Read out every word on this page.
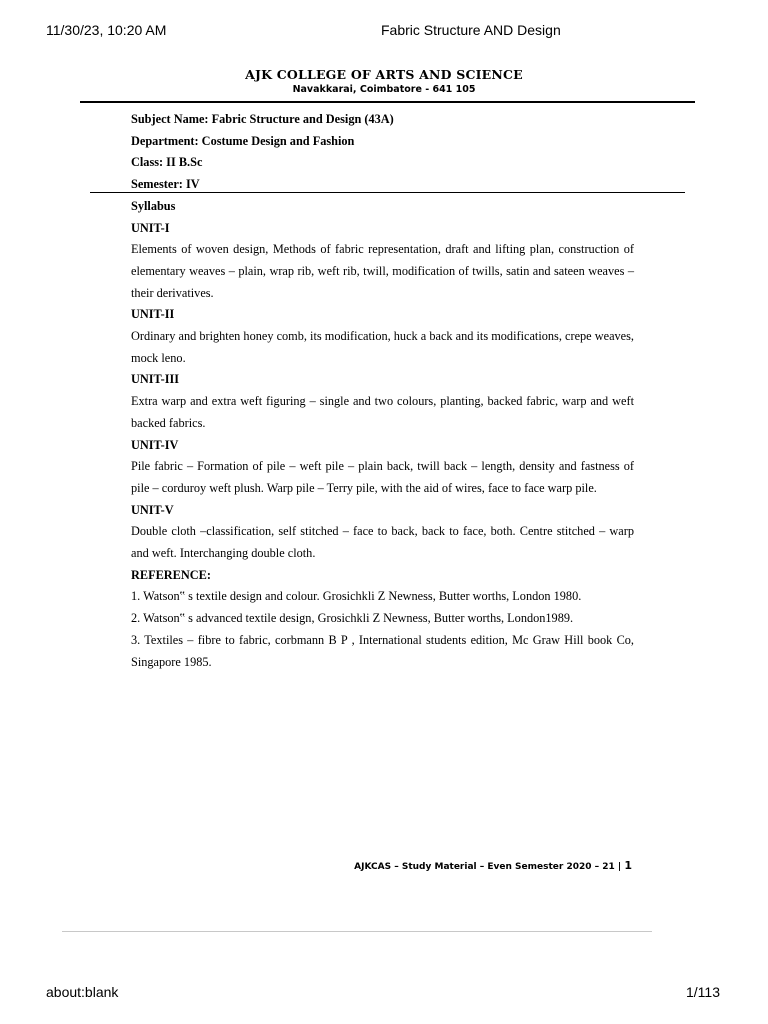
11/30/23, 10:20 AM	Fabric Structure AND Design
AJK COLLEGE OF ARTS AND SCIENCE
Navakkarai, Coimbatore - 641 105

Subject Name: Fabric Structure and Design (43A)

Department: Costume Design and Fashion

Class: II B.Sc

Semester: IV

Syllabus

UNIT-I

Elements of woven design, Methods of fabric representation, draft and lifting plan, construction of elementary weaves – plain, wrap rib, weft rib, twill, modification of twills, satin and sateen weaves – their derivatives.

UNIT-II

Ordinary and brighten honey comb, its modification, huck a back and its modifications, crepe weaves, mock leno.

UNIT-III

Extra warp and extra weft figuring – single and two colours, planting, backed fabric, warp and weft backed fabrics.

UNIT-IV

Pile fabric – Formation of pile – weft pile – plain back, twill back – length, density and fastness of pile – corduroy weft plush. Warp pile – Terry pile, with the aid of wires, face to face warp pile.

UNIT-V

Double cloth –classification, self stitched – face to back, back to face, both. Centre stitched – warp and weft. Interchanging double cloth.

REFERENCE:

1. Watson‟ s textile design and colour. Grosichkli Z Newness, Butter worths, London 1980.

2. Watson‟ s advanced textile design, Grosichkli Z Newness, Butter worths, London1989.

3. Textiles – fibre to fabric, corbmann B P , International students edition, Mc Graw Hill book Co, Singapore 1985.

AJKCAS – Study Material – Even Semester 2020 – 21 | 1
about:blank	1/113
